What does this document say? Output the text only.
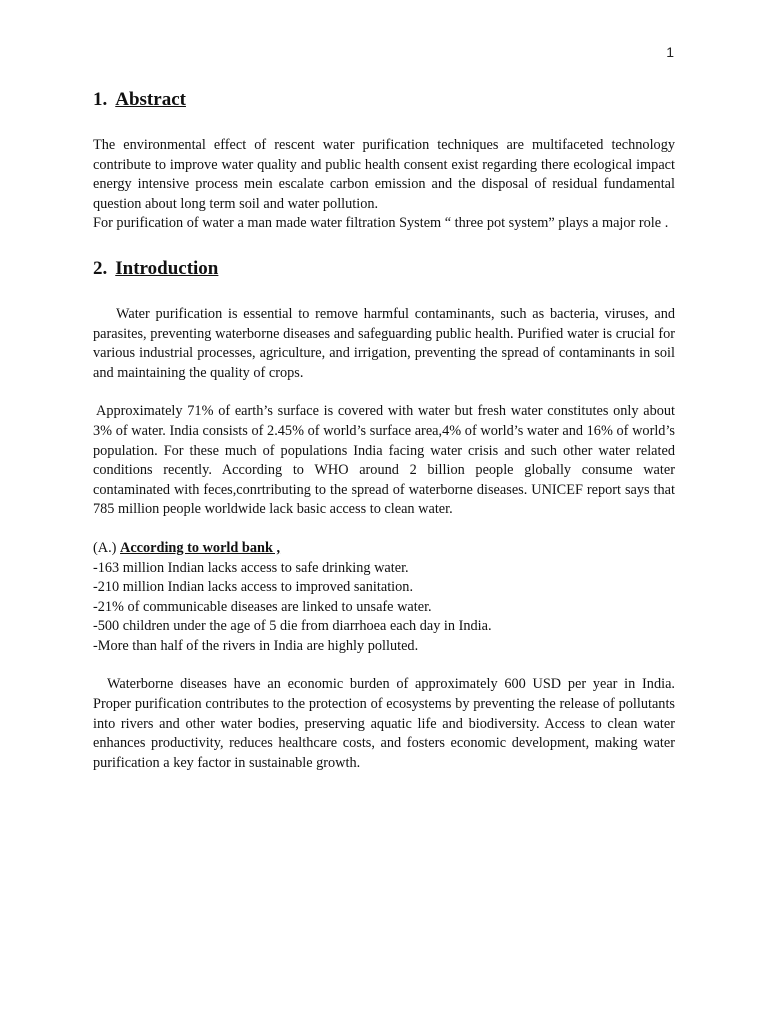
1
1. Abstract

The environmental effect of rescent water purification techniques are multifaceted technology contribute to improve water quality and public health consent exist regarding there ecological impact energy intensive process mein escalate carbon emission and the disposal of residual fundamental question about long term soil and water pollution.

For purification of water a man made water filtration System “ three pot system” plays a major role .

2. Introduction

Water purification is essential to remove harmful contaminants, such as bacteria, viruses, and parasites, preventing waterborne diseases and safeguarding public health. Purified water is crucial for various industrial processes, agriculture, and irrigation, preventing the spread of contaminants in soil and maintaining the quality of crops.

Approximately 71% of earth’s surface is covered with water but fresh water constitutes only about 3% of water. India consists of 2.45% of world’s surface area,4% of world’s water and 16% of world’s population. For these much of populations India facing water crisis and such other water related conditions recently. According to WHO around 2 billion people globally consume water contaminated with feces,conrtributing to the spread of waterborne diseases. UNICEF report says that 785 million people worldwide lack basic access to clean water.

(A.) According to world bank ,

-163 million Indian lacks access to safe drinking water.

-210 million Indian lacks access to improved sanitation.

-21% of communicable diseases are linked to unsafe water.

-500 children under the age of 5 die from diarrhoea each day in India.

-More than half of the rivers in India are highly polluted.

Waterborne diseases have an economic burden of approximately 600 USD per year in India. Proper purification contributes to the protection of ecosystems by preventing the release of pollutants into rivers and other water bodies, preserving aquatic life and biodiversity. Access to clean water enhances productivity, reduces healthcare costs, and fosters economic development, making water purification a key factor in sustainable growth.
